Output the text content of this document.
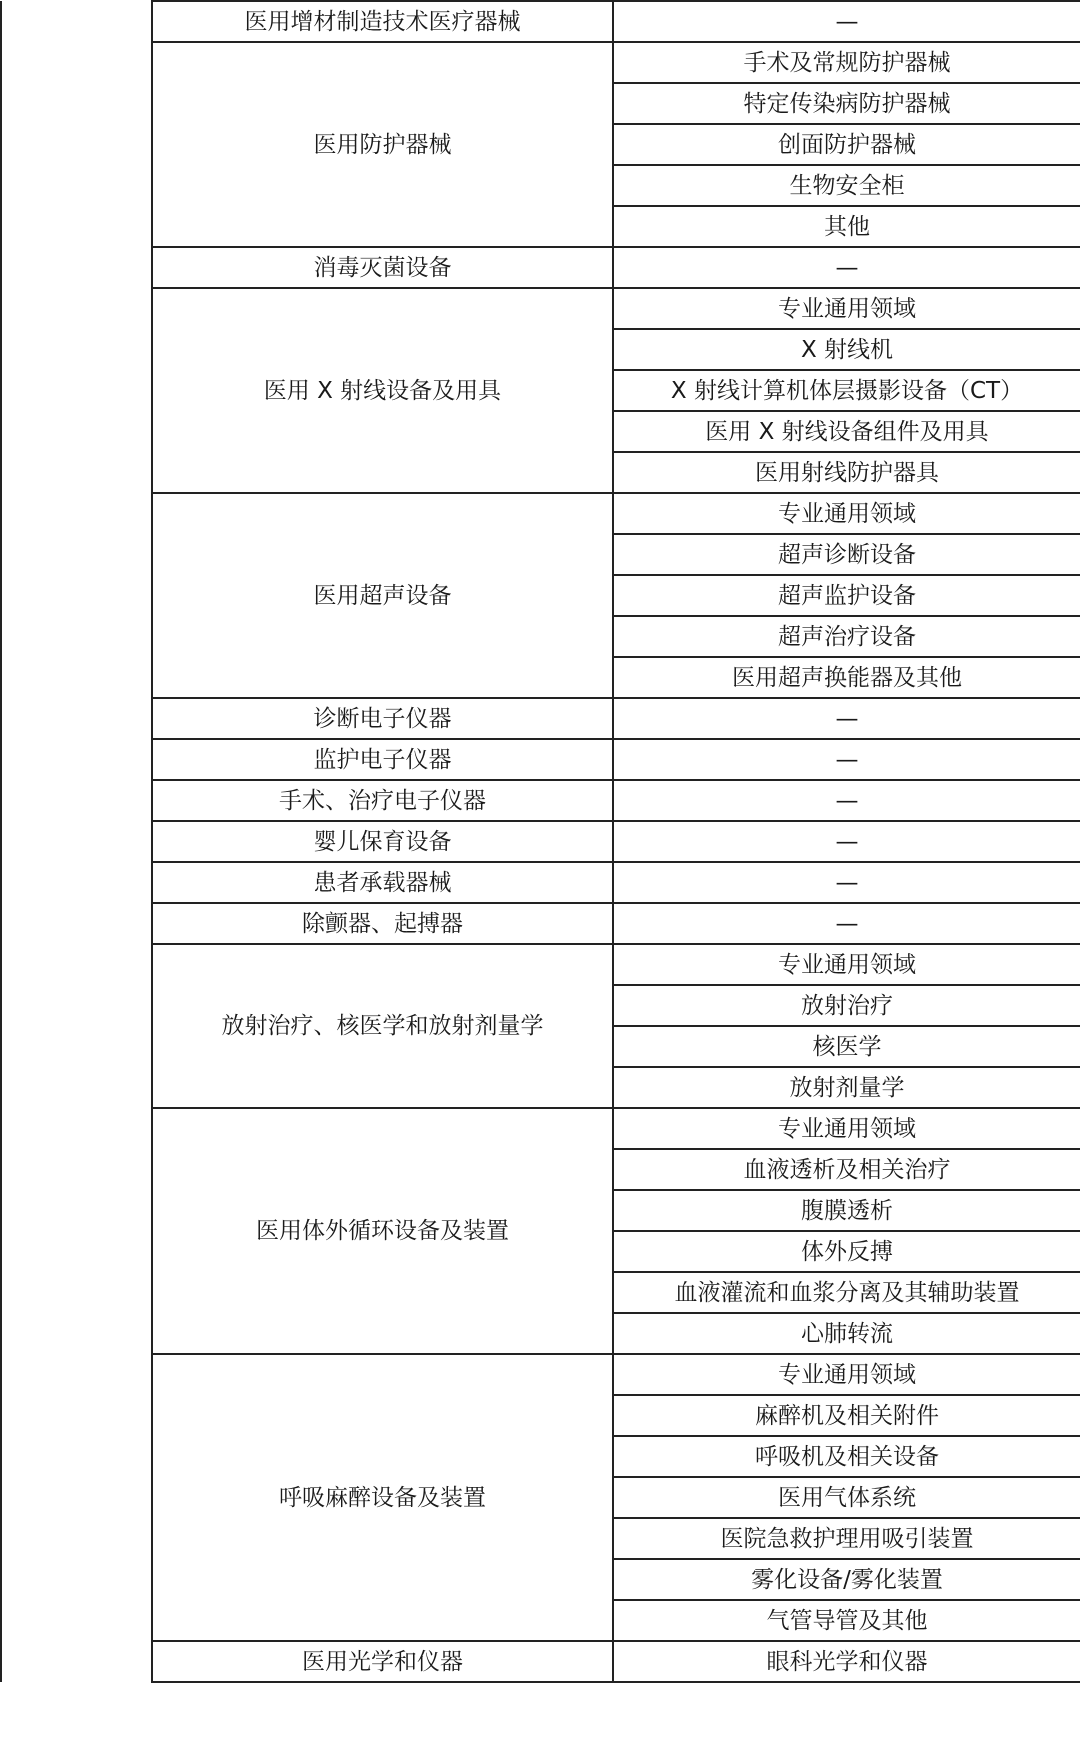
	医用增材制造技术医疗器械	—
	医用防护器械	手术及常规防护器械
		特定传染病防护器械
		创面防护器械
		生物安全柜
		其他
	消毒灭菌设备	—
	医用 X 射线设备及用具	专业通用领域
		X 射线机
		X 射线计算机体层摄影设备（CT）
		医用 X 射线设备组件及用具
		医用射线防护器具
	医用超声设备	专业通用领域
		超声诊断设备
		超声监护设备
		超声治疗设备
		医用超声换能器及其他
	诊断电子仪器	—
	监护电子仪器	—
	手术、治疗电子仪器	—
	婴儿保育设备	—
	患者承载器械	—
	除颤器、起搏器	—
	放射治疗、核医学和放射剂量学	专业通用领域
		放射治疗
		核医学
		放射剂量学
	医用体外循环设备及装置	专业通用领域
		血液透析及相关治疗
		腹膜透析
		体外反搏
		血液灌流和血浆分离及其辅助装置
		心肺转流
	呼吸麻醉设备及装置	专业通用领域
		麻醉机及相关附件
		呼吸机及相关设备
		医用气体系统
		医院急救护理用吸引装置
		雾化设备/雾化装置
		气管导管及其他
	医用光学和仪器	眼科光学和仪器
